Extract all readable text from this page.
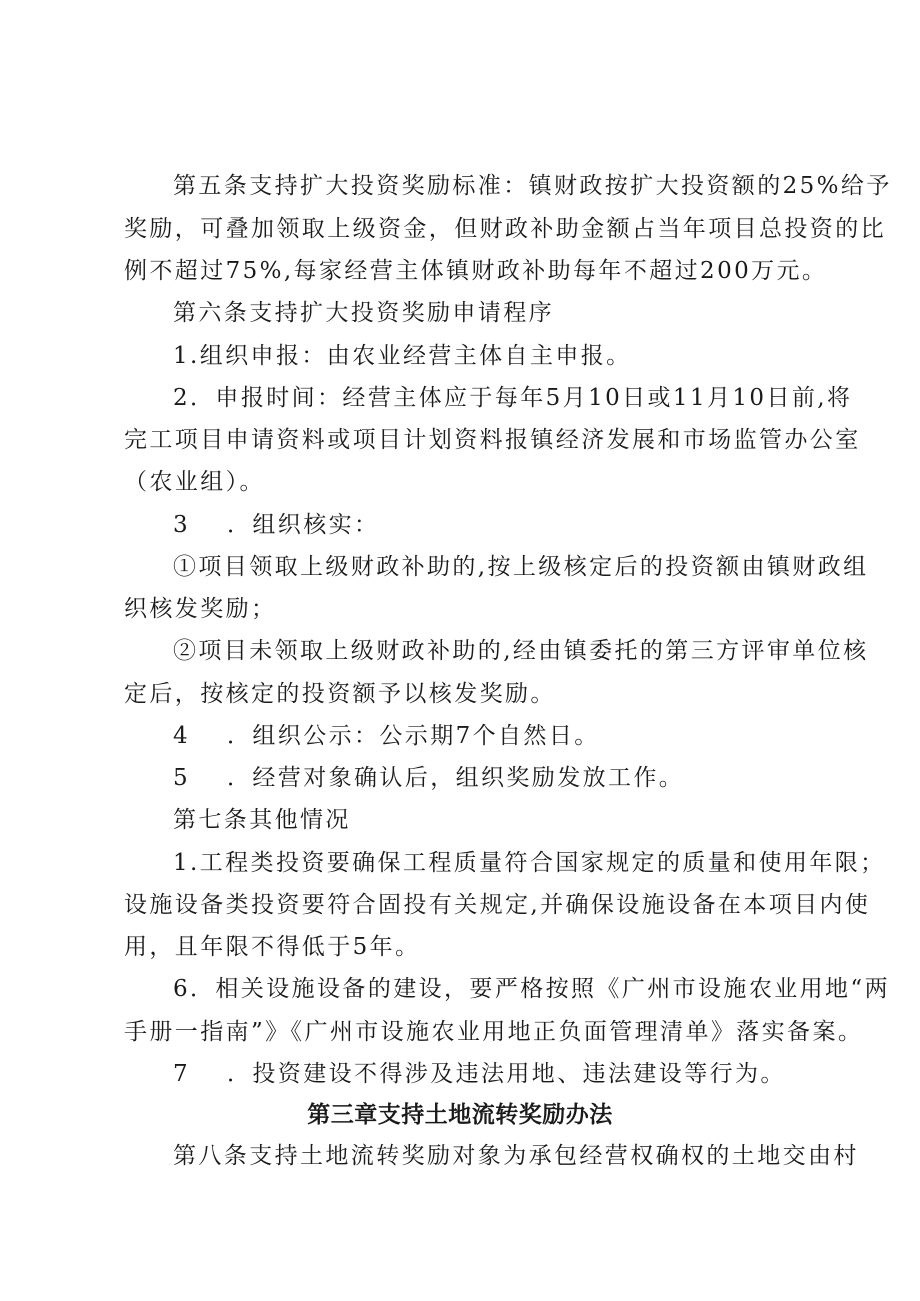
第五条支持扩大投资奖励标准：镇财政按扩大投资额的25%给予

奖励，可叠加领取上级资金，但财政补助金额占当年项目总投资的比

例不超过75%,每家经营主体镇财政补助每年不超过200万元。

第六条支持扩大投资奖励申请程序

1.组织申报：由农业经营主体自主申报。

2．申报时间：经营主体应于每年5月10日或11月10日前,将

完工项目申请资料或项目计划资料报镇经济发展和市场监管办公室

（农业组）。

3 ．组织核实：

①项目领取上级财政补助的,按上级核定后的投资额由镇财政组

织核发奖励；

②项目未领取上级财政补助的,经由镇委托的第三方评审单位核

定后，按核定的投资额予以核发奖励。

4 ．组织公示：公示期7个自然日。

5 ．经营对象确认后，组织奖励发放工作。

第七条其他情况

1.工程类投资要确保工程质量符合国家规定的质量和使用年限；

设施设备类投资要符合固投有关规定,并确保设施设备在本项目内使

用，且年限不得低于5年。

6．相关设施设备的建设，要严格按照《广州市设施农业用地“两

手册一指南”》《广州市设施农业用地正负面管理清单》落实备案。

7 ．投资建设不得涉及违法用地、违法建设等行为。

第三章支持土地流转奖励办法

第八条支持土地流转奖励对象为承包经营权确权的土地交由村
